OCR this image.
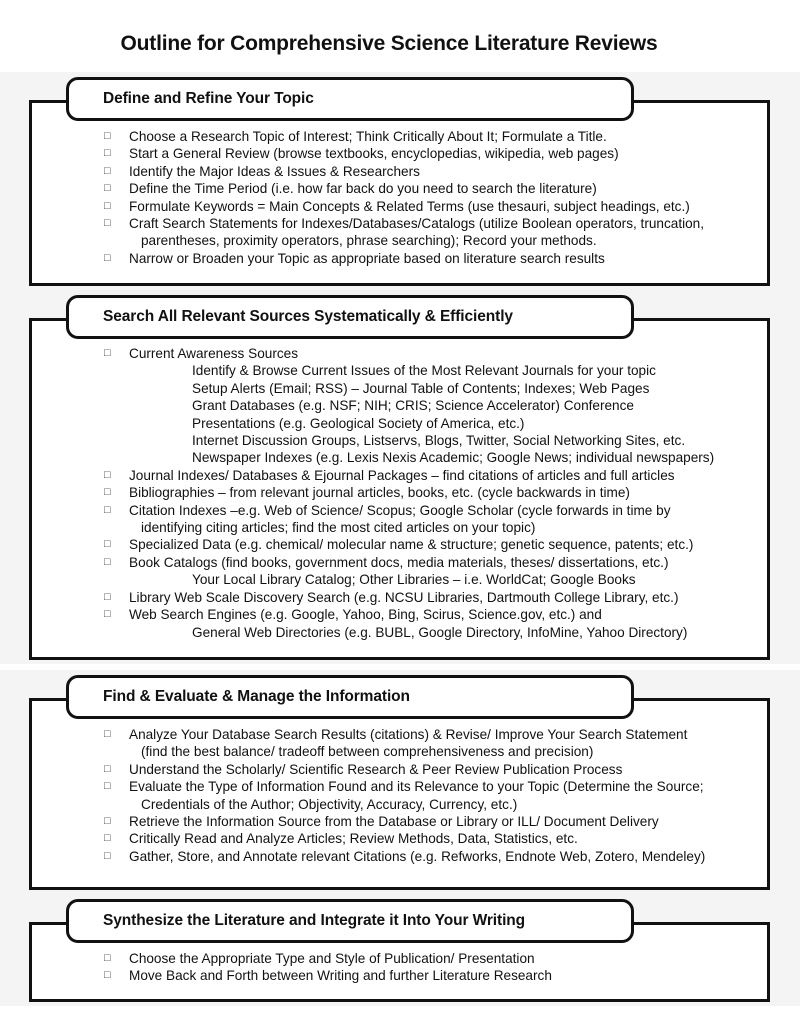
Outline for Comprehensive Science Literature Reviews
Define and Refine Your Topic
□ Choose a Research Topic of Interest; Think Critically About It; Formulate a Title.
□ Start a General Review (browse textbooks, encyclopedias, wikipedia, web pages)
□ Identify the Major Ideas & Issues & Researchers
□ Define the Time Period (i.e. how far back do you need to search the literature)
□ Formulate Keywords = Main Concepts & Related Terms (use thesauri, subject headings, etc.)
□ Craft Search Statements for Indexes/Databases/Catalogs (utilize Boolean operators, truncation,
parentheses, proximity operators, phrase searching); Record your methods.
□ Narrow or Broaden your Topic as appropriate based on literature search results
Search All Relevant Sources Systematically & Efficiently
□ Current Awareness Sources
Identify & Browse Current Issues of the Most Relevant Journals for your topic
Setup Alerts (Email; RSS) – Journal Table of Contents; Indexes; Web Pages
Grant Databases (e.g. NSF; NIH; CRIS; Science Accelerator) Conference
Presentations (e.g. Geological Society of America, etc.)
Internet Discussion Groups, Listservs, Blogs, Twitter, Social Networking Sites, etc.
Newspaper Indexes (e.g. Lexis Nexis Academic; Google News; individual newspapers)
□ Journal Indexes/ Databases & Ejournal Packages – find citations of articles and full articles
□ Bibliographies – from relevant journal articles, books, etc. (cycle backwards in time)
□ Citation Indexes –e.g. Web of Science/ Scopus; Google Scholar (cycle forwards in time by
identifying citing articles; find the most cited articles on your topic)
□ Specialized Data (e.g. chemical/ molecular name & structure; genetic sequence, patents; etc.)
□ Book Catalogs (find books, government docs, media materials, theses/ dissertations, etc.)
Your Local Library Catalog; Other Libraries – i.e. WorldCat; Google Books
□ Library Web Scale Discovery Search (e.g. NCSU Libraries, Dartmouth College Library, etc.)
□ Web Search Engines (e.g. Google, Yahoo, Bing, Scirus, Science.gov, etc.) and
General Web Directories (e.g. BUBL, Google Directory, InfoMine, Yahoo Directory)
Find & Evaluate & Manage the Information
□ Analyze Your Database Search Results (citations) & Revise/ Improve Your Search Statement
(find the best balance/ tradeoff between comprehensiveness and precision)
□ Understand the Scholarly/ Scientific Research & Peer Review Publication Process
□ Evaluate the Type of Information Found and its Relevance to your Topic (Determine the Source;
Credentials of the Author; Objectivity, Accuracy, Currency, etc.)
□ Retrieve the Information Source from the Database or Library or ILL/ Document Delivery
□ Critically Read and Analyze Articles; Review Methods, Data, Statistics, etc.
□ Gather, Store, and Annotate relevant Citations (e.g. Refworks, Endnote Web, Zotero, Mendeley)
Synthesize the Literature and Integrate it Into Your Writing
□ Choose the Appropriate Type and Style of Publication/ Presentation
□ Move Back and Forth between Writing and further Literature Research
